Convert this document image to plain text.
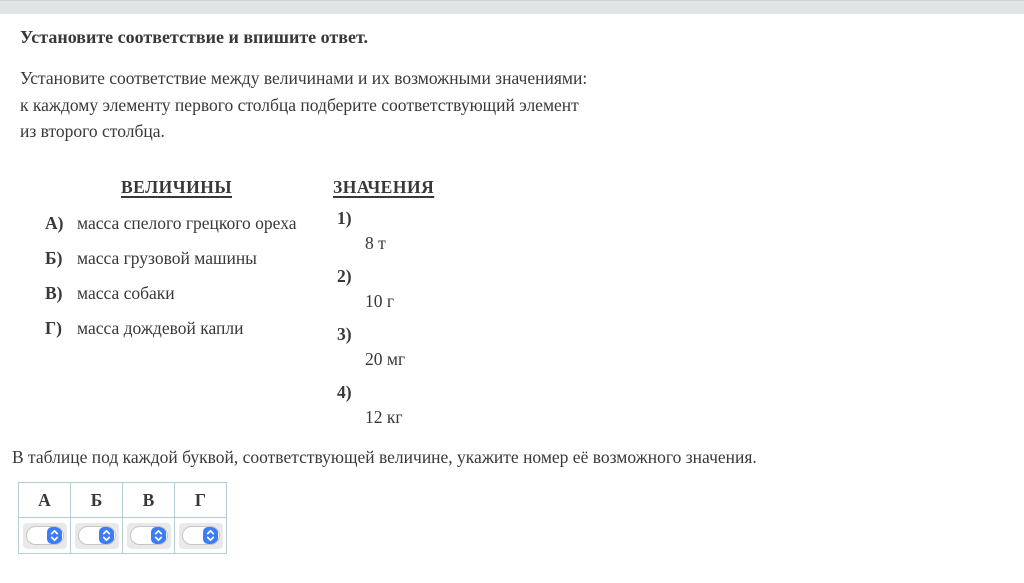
Установите соответствие и впишите ответ.
Установите соответствие между величинами и их возможными значениями:
к каждому элементу первого столбца подберите соответствующий элемент
из второго столбца.
ВЕЛИЧИНЫ
А) масса спелого грецкого ореха
Б) масса грузовой машины
В) масса собаки
Г) масса дождевой капли
ЗНАЧЕНИЯ
1)
8 т
2)
10 г
3)
20 мг
4)
12 кг
В таблице под каждой буквой, соответствующей величине, укажите номер её возможного значения.
А	Б	В	Г
